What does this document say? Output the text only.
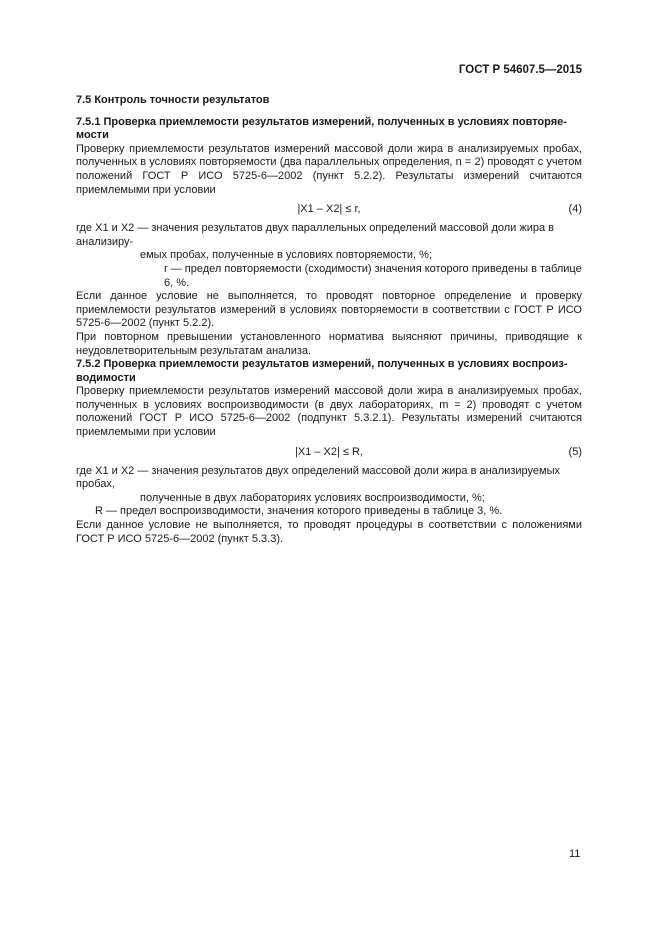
ГОСТ Р 54607.5—2015

7.5 Контроль точности результатов

7.5.1 Проверка приемлемости результатов измерений, полученных в условиях повторяе-
мости

Проверку приемлемости результатов измерений массовой доли жира в анализируемых пробах, полученных в условиях повторяемости (два параллельных определения, n = 2) проводят с учетом положений ГОСТ Р ИСО 5725-6—2002 (пункт 5.2.2). Результаты измерений считаются приемлемыми при условии

|X1 – X2| ≤ r,	(4)
где X1 и X2 — значения результатов двух параллельных определений массовой доли жира в анализиру-
емых пробах, полученные в условиях повторяемости, %;
r — предел повторяемости (сходимости) значения которого приведены в таблице 6, %.

Если данное условие не выполняется, то проводят повторное определение и проверку приемлемости результатов измерений в условиях повторяемости в соответствии с ГОСТ Р ИСО 5725-6—2002 (пункт 5.2.2).

При повторном превышении установленного норматива выясняют причины, приводящие к неудовлетворительным результатам анализа.

7.5.2 Проверка приемлемости результатов измерений, полученных в условиях воспроиз-
водимости

Проверку приемлемости результатов измерений массовой доли жира в анализируемых пробах, полученных в условиях воспроизводимости (в двух лабораториях, m = 2) проводят с учетом положений ГОСТ Р ИСО 5725-6—2002 (подпункт 5.3.2.1). Результаты измерений считаются приемлемыми при условии

|X1 – X2| ≤ R,	(5)
где X1 и X2 — значения результатов двух определений массовой доли жира в анализируемых пробах,
полученные в двух лабораториях условиях воспроизводимости, %;
R — предел воспроизводимости, значения которого приведены в таблице 3, %.

Если данное условие не выполняется, то проводят процедуры в соответствии с положениями ГОСТ Р ИСО 5725-6—2002 (пункт 5.3.3).

11
